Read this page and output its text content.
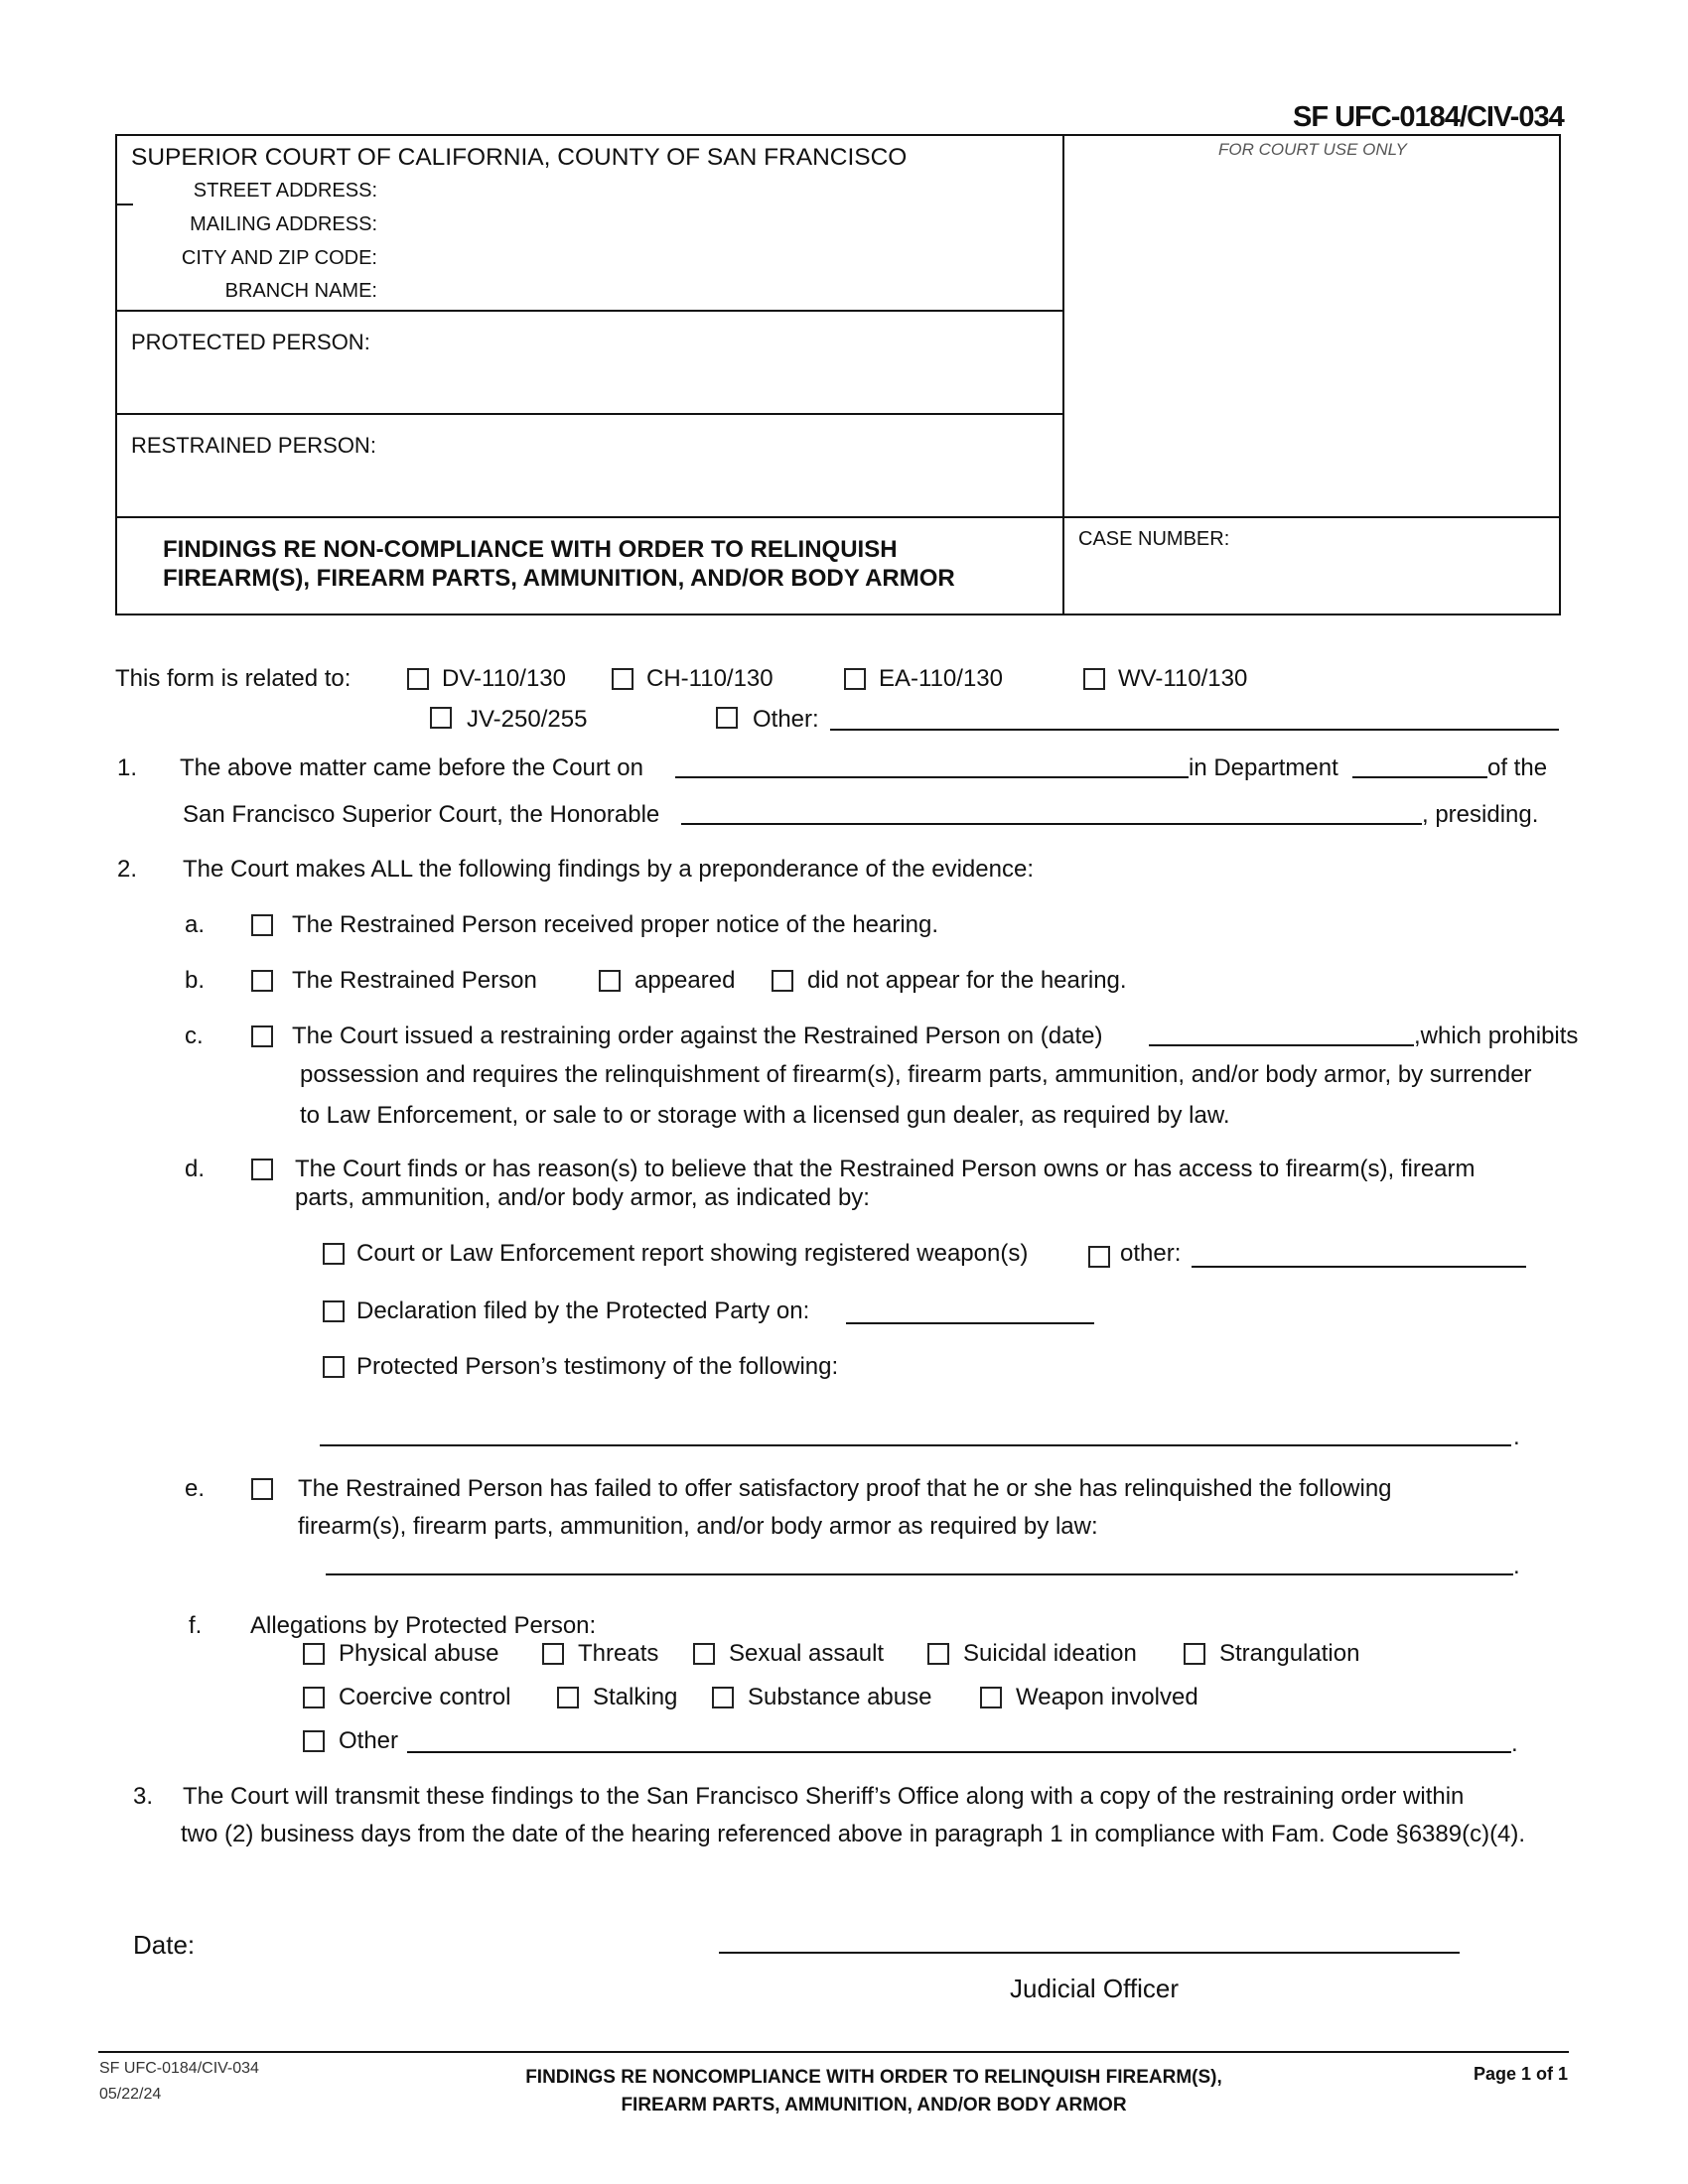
SF UFC-0184/CIV-034
SUPERIOR COURT OF CALIFORNIA, COUNTY OF SAN FRANCISCO
STREET ADDRESS:
MAILING ADDRESS:
CITY AND ZIP CODE:
BRANCH NAME:
FOR COURT USE ONLY
PROTECTED PERSON:
RESTRAINED PERSON:
FINDINGS RE NON-COMPLIANCE WITH ORDER TO RELINQUISH
FIREARM(S), FIREARM PARTS, AMMUNITION, AND/OR BODY ARMOR
CASE NUMBER:
This form is related to:	DV-110/130	CH-110/130	EA-110/130	WV-110/130
JV-250/255	Other:
1. The above matter came before the Court on	in Department	of the
San Francisco Superior Court, the Honorable	, presiding.
2. The Court makes ALL the following findings by a preponderance of the evidence:
a.	The Restrained Person received proper notice of the hearing.
b.	The Restrained Person	appeared	did not appear for the hearing.
c.	The Court issued a restraining order against the Restrained Person on (date)	,which prohibits
possession and requires the relinquishment of firearm(s), firearm parts, ammunition, and/or body armor, by surrender
to Law Enforcement, or sale to or storage with a licensed gun dealer, as required by law.
d.	The Court finds or has reason(s) to believe that the Restrained Person owns or has access to firearm(s), firearm
parts, ammunition, and/or body armor, as indicated by:
Court or Law Enforcement report showing registered weapon(s)	other:
Declaration filed by the Protected Party on:
Protected Person’s testimony of the following:
.
e.	The Restrained Person has failed to offer satisfactory proof that he or she has relinquished the following
firearm(s), firearm parts, ammunition, and/or body armor as required by law:
.
f. Allegations by Protected Person:
Physical abuse	Threats	Sexual assault	Suicidal ideation	Strangulation
Coercive control	Stalking	Substance abuse	Weapon involved
Other	.
3. The Court will transmit these findings to the San Francisco Sheriff’s Office along with a copy of the restraining order within
two (2) business days from the date of the hearing referenced above in paragraph 1 in compliance with Fam. Code §6389(c)(4).
Date:
Judicial Officer
SF UFC-0184/CIV-034
05/22/24
FINDINGS RE NONCOMPLIANCE WITH ORDER TO RELINQUISH FIREARM(S),
FIREARM PARTS, AMMUNITION, AND/OR BODY ARMOR
Page 1 of 1
